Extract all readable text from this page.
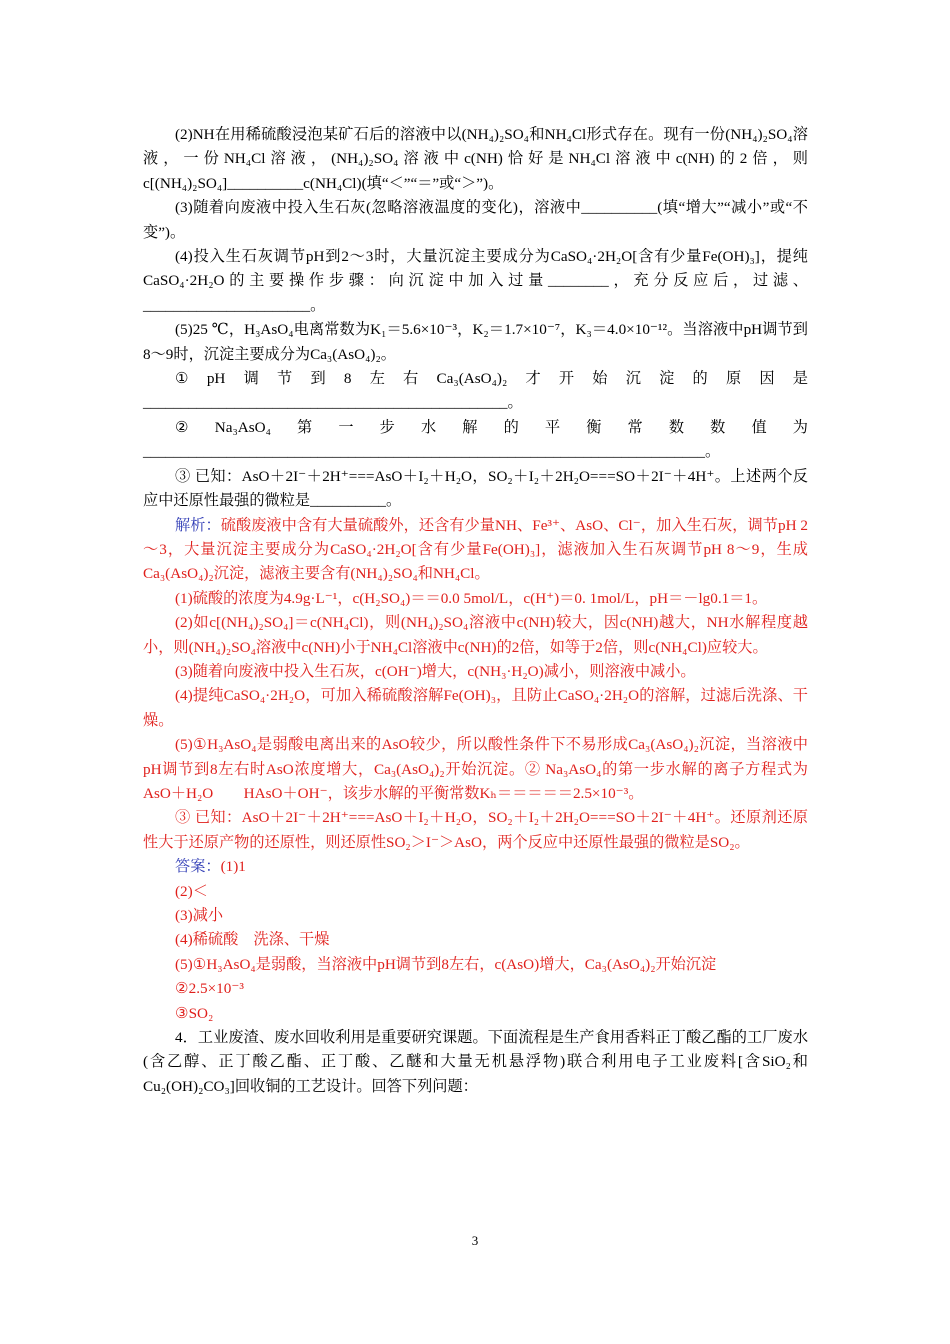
(2)NH在用稀硫酸浸泡某矿石后的溶液中以(NH₄)₂SO₄和NH₄Cl形式存在。现有一份(NH₄)₂SO₄溶液，一份NH₄Cl溶液，(NH₄)₂SO₄溶液中c(NH)恰好是NH₄Cl溶液中c(NH)的2倍，则c[(NH₄)₂SO₄]__________c(NH₄Cl)(填“＜”“＝”或“＞”)。

(3)随着向废液中投入生石灰(忽略溶液温度的变化)，溶液中__________(填“增大”“减小”或“不变”)。

(4)投入生石灰调节pH到2～3时，大量沉淀主要成分为CaSO₄·2H₂O[含有少量Fe(OH)₃]，提纯CaSO₄·2H₂O的主要操作步骤：向沉淀中加入过量________，充分反应后，过滤、______________________。

(5)25 ℃，H₃AsO₄电离常数为K₁＝5.6×10⁻³，K₂＝1.7×10⁻⁷，K₃＝4.0×10⁻¹²。当溶液中pH调节到8～9时，沉淀主要成分为Ca₃(AsO₄)₂。

①pH调节到8左右Ca₃(AsO₄)₂才开始沉淀的原因是________________________________________________。

②Na₃AsO₄第一步水解的平衡常数数值为__________________________________________________________________________。

③ 已知：AsO＋2I⁻＋2H⁺===AsO＋I₂＋H₂O，SO₂＋I₂＋2H₂O===SO＋2I⁻＋4H⁺。上述两个反应中还原性最强的微粒是__________。

解析：硫酸废液中含有大量硫酸外，还含有少量NH、Fe³⁺、AsO、Cl⁻，加入生石灰，调节pH 2～3，大量沉淀主要成分为CaSO₄·2H₂O[含有少量Fe(OH)₃]，滤液加入生石灰调节pH 8～9，生成Ca₃(AsO₄)₂沉淀，滤液主要含有(NH₄)₂SO₄和NH₄Cl。

(1)硫酸的浓度为4.9g·L⁻¹，c(H₂SO₄)＝＝0.0 5mol/L，c(H⁺)＝0. 1mol/L，pH＝－lg0.1＝1。

(2)如c[(NH₄)₂SO₄]＝c(NH₄Cl)，则(NH₄)₂SO₄溶液中c(NH)较大，因c(NH)越大，NH水解程度越小，则(NH₄)₂SO₄溶液中c(NH)小于NH₄Cl溶液中c(NH)的2倍，如等于2倍，则c(NH₄Cl)应较大。

(3)随着向废液中投入生石灰，c(OH⁻)增大，c(NH₃·H₂O)减小，则溶液中减小。

(4)提纯CaSO₄·2H₂O，可加入稀硫酸溶解Fe(OH)₃，且防止CaSO₄·2H₂O的溶解，过滤后洗涤、干燥。

(5)①H₃AsO₄是弱酸电离出来的AsO较少，所以酸性条件下不易形成Ca₃(AsO₄)₂沉淀，当溶液中pH调节到8左右时AsO浓度增大，Ca₃(AsO₄)₂开始沉淀。② Na₃AsO₄的第一步水解的离子方程式为AsO＋H₂O　　HAsO＋OH⁻，该步水解的平衡常数Kₕ＝＝＝＝＝2.5×10⁻³。

③ 已知：AsO＋2I⁻＋2H⁺===AsO＋I₂＋H₂O，SO₂＋I₂＋2H₂O===SO＋2I⁻＋4H⁺。还原剂还原性大于还原产物的还原性，则还原性SO₂＞I⁻＞AsO，两个反应中还原性最强的微粒是SO₂。

答案：(1)1

(2)＜

(3)减小

(4)稀硫酸　洗涤、干燥

(5)①H₃AsO₄是弱酸，当溶液中pH调节到8左右，c(AsO)增大，Ca₃(AsO₄)₂开始沉淀

②2.5×10⁻³

③SO₂

4．工业废渣、废水回收利用是重要研究课题。下面流程是生产食用香料正丁酸乙酯的工厂废水(含乙醇、正丁酸乙酯、正丁酸、乙醚和大量无机悬浮物)联合利用电子工业废料[含SiO₂和Cu₂(OH)₂CO₃]回收铜的工艺设计。回答下列问题：

3
